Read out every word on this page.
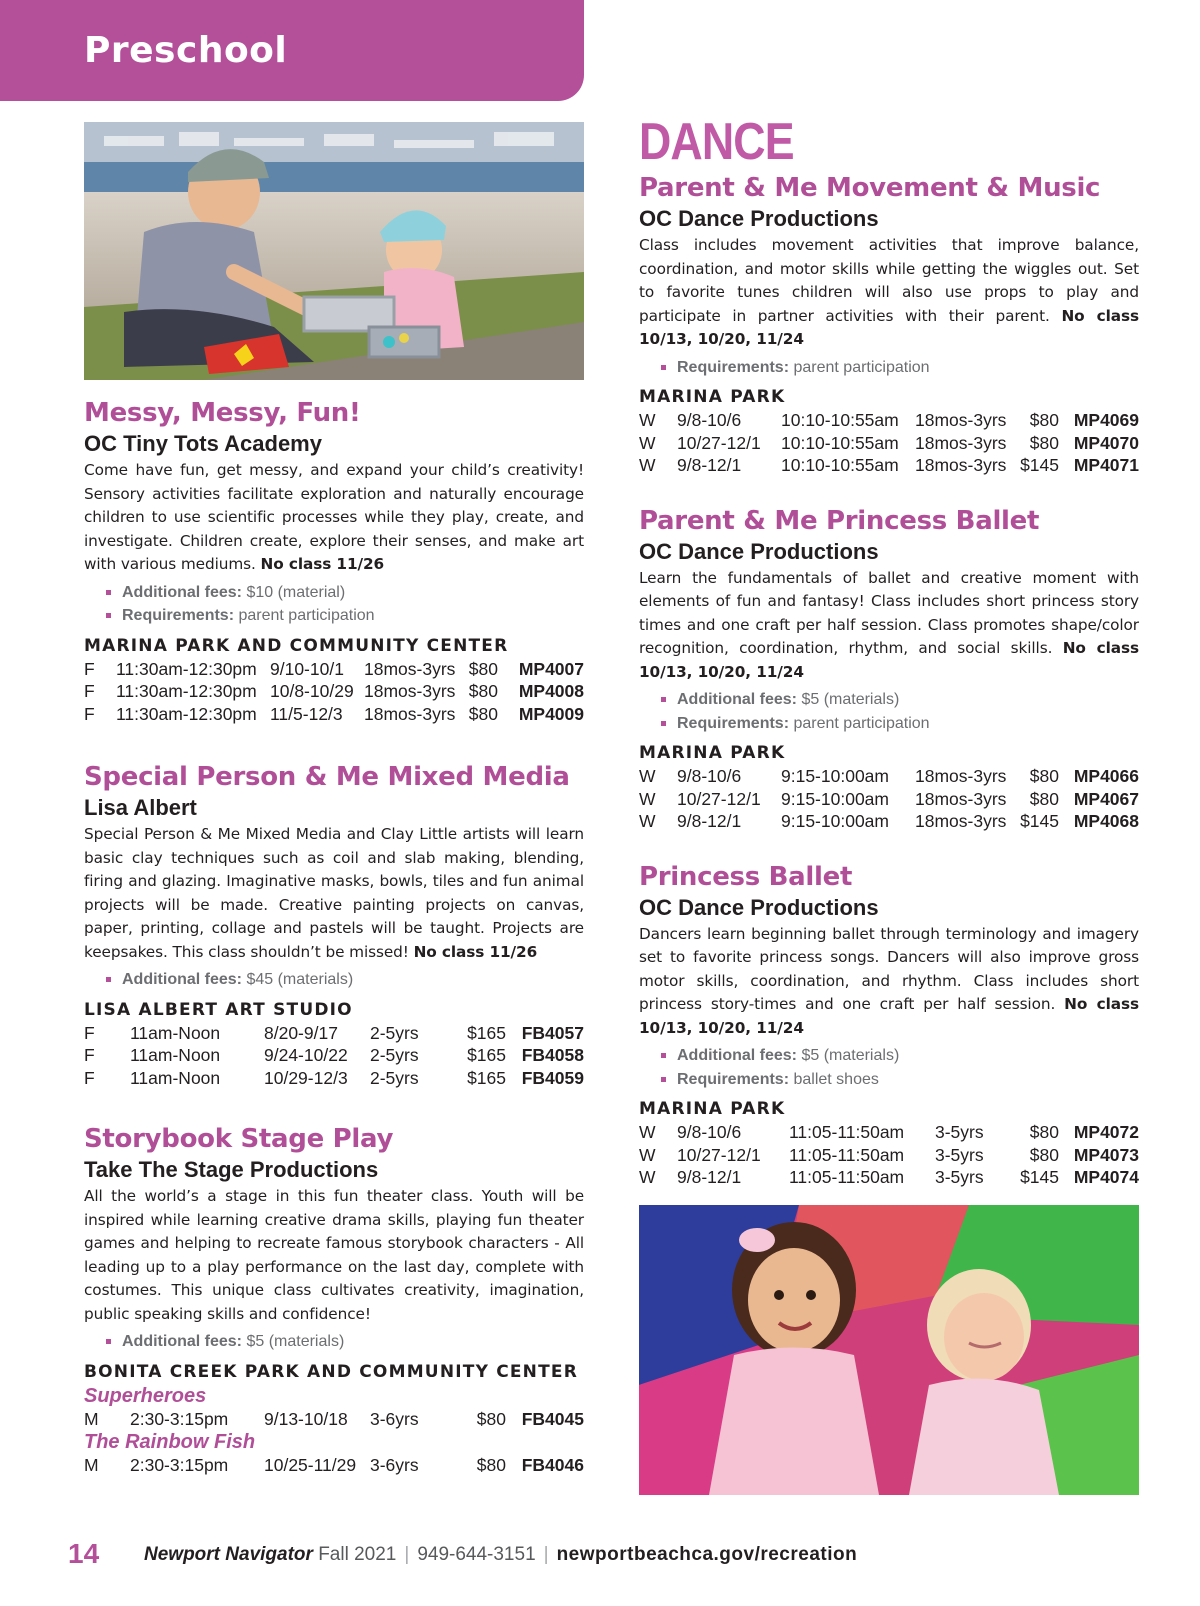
Preschool
Messy, Messy, Fun!
OC Tiny Tots Academy
Come have fun, get messy, and expand your child’s creativity! Sensory activities facilitate exploration and naturally encourage children to use scientific processes while they play, create, and investigate. Children create, explore their senses, and make art with various mediums. No class 11/26
Additional fees: $10 (material)
Requirements: parent participation
MARINA PARK AND COMMUNITY CENTER
F	11:30am-12:30pm	9/10-10/1	18mos-3yrs	$80	MP4007
F	11:30am-12:30pm	10/8-10/29	18mos-3yrs	$80	MP4008
F	11:30am-12:30pm	11/5-12/3	18mos-3yrs	$80	MP4009
Special Person & Me Mixed Media
Lisa Albert
Special Person & Me Mixed Media and Clay Little artists will learn basic clay techniques such as coil and slab making, blending, firing and glazing. Imaginative masks, bowls, tiles and fun animal projects will be made. Creative painting projects on canvas, paper, printing, collage and pastels will be taught. Projects are keepsakes. This class shouldn’t be missed! No class 11/26
Additional fees: $45 (materials)
LISA ALBERT ART STUDIO
F	11am-Noon	8/20-9/17	2-5yrs	$165	FB4057
F	11am-Noon	9/24-10/22	2-5yrs	$165	FB4058
F	11am-Noon	10/29-12/3	2-5yrs	$165	FB4059
Storybook Stage Play
Take The Stage Productions
All the world’s a stage in this fun theater class. Youth will be inspired while learning creative drama skills, playing fun theater games and helping to recreate famous storybook characters - All leading up to a play performance on the last day, complete with costumes. This unique class cultivates creativity, imagination, public speaking skills and confidence!
Additional fees: $5 (materials)
BONITA CREEK PARK AND COMMUNITY CENTER
Superheroes
M	2:30-3:15pm	9/13-10/18	3-6yrs	$80	FB4045
The Rainbow Fish
M	2:30-3:15pm	10/25-11/29	3-6yrs	$80	FB4046
DANCE
Parent & Me Movement & Music
OC Dance Productions
Class includes movement activities that improve balance, coordination, and motor skills while getting the wiggles out. Set to favorite tunes children will also use props to play and participate in partner activities with their parent. No class 10/13, 10/20, 11/24
Requirements: parent participation
MARINA PARK
W	9/8-10/6	10:10-10:55am	18mos-3yrs	$80	MP4069
W	10/27-12/1	10:10-10:55am	18mos-3yrs	$80	MP4070
W	9/8-12/1	10:10-10:55am	18mos-3yrs	$145	MP4071
Parent & Me Princess Ballet
OC Dance Productions
Learn the fundamentals of ballet and creative moment with elements of fun and fantasy! Class includes short princess story times and one craft per half session. Class promotes shape/color recognition, coordination, rhythm, and social skills. No class 10/13, 10/20, 11/24
Additional fees: $5 (materials)
Requirements: parent participation
MARINA PARK
W	9/8-10/6	9:15-10:00am	18mos-3yrs	$80	MP4066
W	10/27-12/1	9:15-10:00am	18mos-3yrs	$80	MP4067
W	9/8-12/1	9:15-10:00am	18mos-3yrs	$145	MP4068
Princess Ballet
OC Dance Productions
Dancers learn beginning ballet through terminology and imagery set to favorite princess songs. Dancers will also improve gross motor skills, coordination, and rhythm. Class includes short princess story-times and one craft per half session. No class 10/13, 10/20, 11/24
Additional fees: $5 (materials)
Requirements: ballet shoes
MARINA PARK
W	9/8-10/6	11:05-11:50am	3-5yrs	$80	MP4072
W	10/27-12/1	11:05-11:50am	3-5yrs	$80	MP4073
W	9/8-12/1	11:05-11:50am	3-5yrs	$145	MP4074
14 Newport Navigator Fall 2021 | 949-644-3151 | newportbeachca.gov/recreation
